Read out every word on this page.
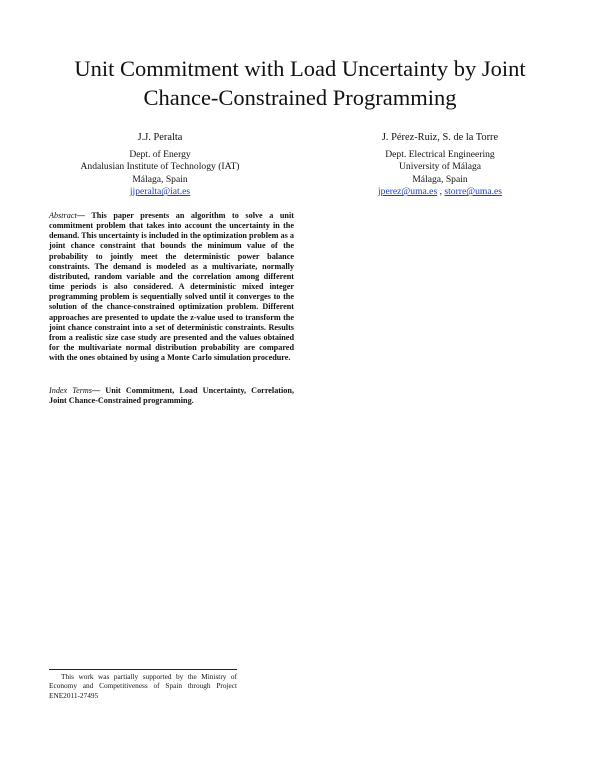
Unit Commitment with Load Uncertainty by Joint Chance-Constrained Programming
J.J. Peralta
Dept. of Energy
Andalusian Institute of Technology (IAT)
Málaga, Spain
jjperalta@iat.es
J. Pérez-Ruiz, S. de la Torre
Dept. Electrical Engineering
University of Málaga
Málaga, Spain
jperez@uma.es , storre@uma.es

Abstract— This paper presents an algorithm to solve a unit commitment problem that takes into account the uncertainty in the demand. This uncertainty is included in the optimization problem as a joint chance constraint that bounds the minimum value of the probability to jointly meet the deterministic power balance constraints. The demand is modeled as a multivariate, normally distributed, random variable and the correlation among different time periods is also considered. A deterministic mixed integer programming problem is sequentially solved until it converges to the solution of the chance-constrained optimization problem. Different approaches are presented to update the z-value used to transform the joint chance constraint into a set of deterministic constraints. Results from a realistic size case study are presented and the values obtained for the multivariate normal distribution probability are compared with the ones obtained by using a Monte Carlo simulation procedure.

Index Terms— Unit Commitment, Load Uncertainty, Correlation, Joint Chance-Constrained programming.

This work was partially supported by the Ministry of Economy and Competitiveness of Spain through Project ENE2011-27495
